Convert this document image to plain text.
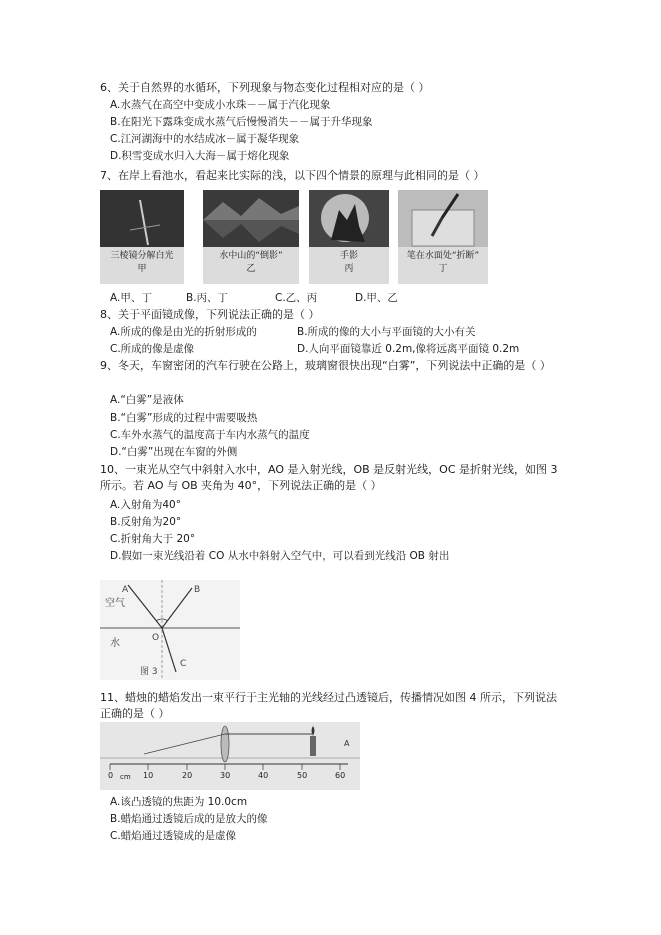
6、关于自然界的水循环，下列现象与物态变化过程相对应的是（ ）
A.水蒸气在高空中变成小水珠－－属于汽化现象
B.在阳光下露珠变成水蒸气后慢慢消失－－属于升华现象
C.江河湖海中的水结成冰－属于凝华现象
D.积雪变成水归入大海－属于熔化现象
7、在岸上看池水，看起来比实际的浅，以下四个情景的原理与此相同的是（ ）
三棱镜分解白光
甲
水中山的“倒影”
乙
手影
丙
笔在水面处“折断”
丁
A.甲、丁	B.丙、丁	C.乙、丙	D.甲、乙
8、关于平面镜成像，下列说法正确的是（ ）
A.所成的像是由光的折射形成的	B.所成的像的大小与平面镜的大小有关
C.所成的像是虚像	D.人向平面镜靠近 0.2m,像将远离平面镜 0.2m
9、冬天，车窗密闭的汽车行驶在公路上，玻璃窗很快出现“白雾”，下列说法中正确的是（ ）
A.“白雾”是液体
B.“白雾”形成的过程中需要吸热
C.车外水蒸气的温度高于车内水蒸气的温度
D.“白雾”出现在车窗的外侧
10、一束光从空气中斜射入水中，AO 是入射光线，OB 是反射光线，OC 是折射光线，如图 3 所示。若 AO 与 OB 夹角为 40°，下列说法正确的是（ ）
A.入射角为40°
B.反射角为20°
C.折射角大于 20°
D.假如一束光线沿着 CO 从水中斜射入空气中，可以看到光线沿 OB 射出
空气
水
A	B
O
C
图 3
11、蜡烛的蜡焰发出一束平行于主光轴的光线经过凸透镜后，传播情况如图 4 所示，下列说法正确的是（ ）
A
0 cm 10	20	30	40	50	60
A.该凸透镜的焦距为 10.0cm
B.蜡焰通过透镜后成的是放大的像
C.蜡焰通过透镜成的是虚像
